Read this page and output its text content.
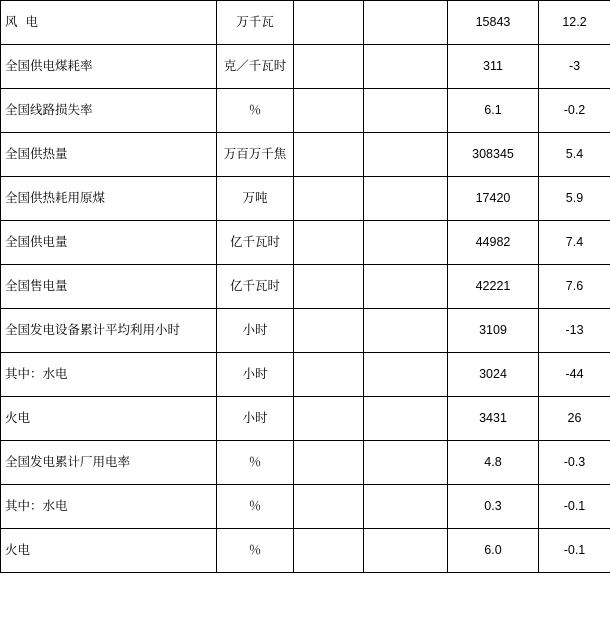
风 电	万千瓦			15843	12.2
全国供电煤耗率	克／千瓦时			311	-3
全国线路损失率	％			6.1	-0.2
全国供热量	万百万千焦			308345	5.4
全国供热耗用原煤	万吨			17420	5.9
全国供电量	亿千瓦时			44982	7.4
全国售电量	亿千瓦时			42221	7.6
全国发电设备累计平均利用小时	小时			3109	-13
其中：水电	小时			3024	-44
火电	小时			3431	26
全国发电累计厂用电率	％			4.8	-0.3
其中：水电	％			0.3	-0.1
火电	％			6.0	-0.1
